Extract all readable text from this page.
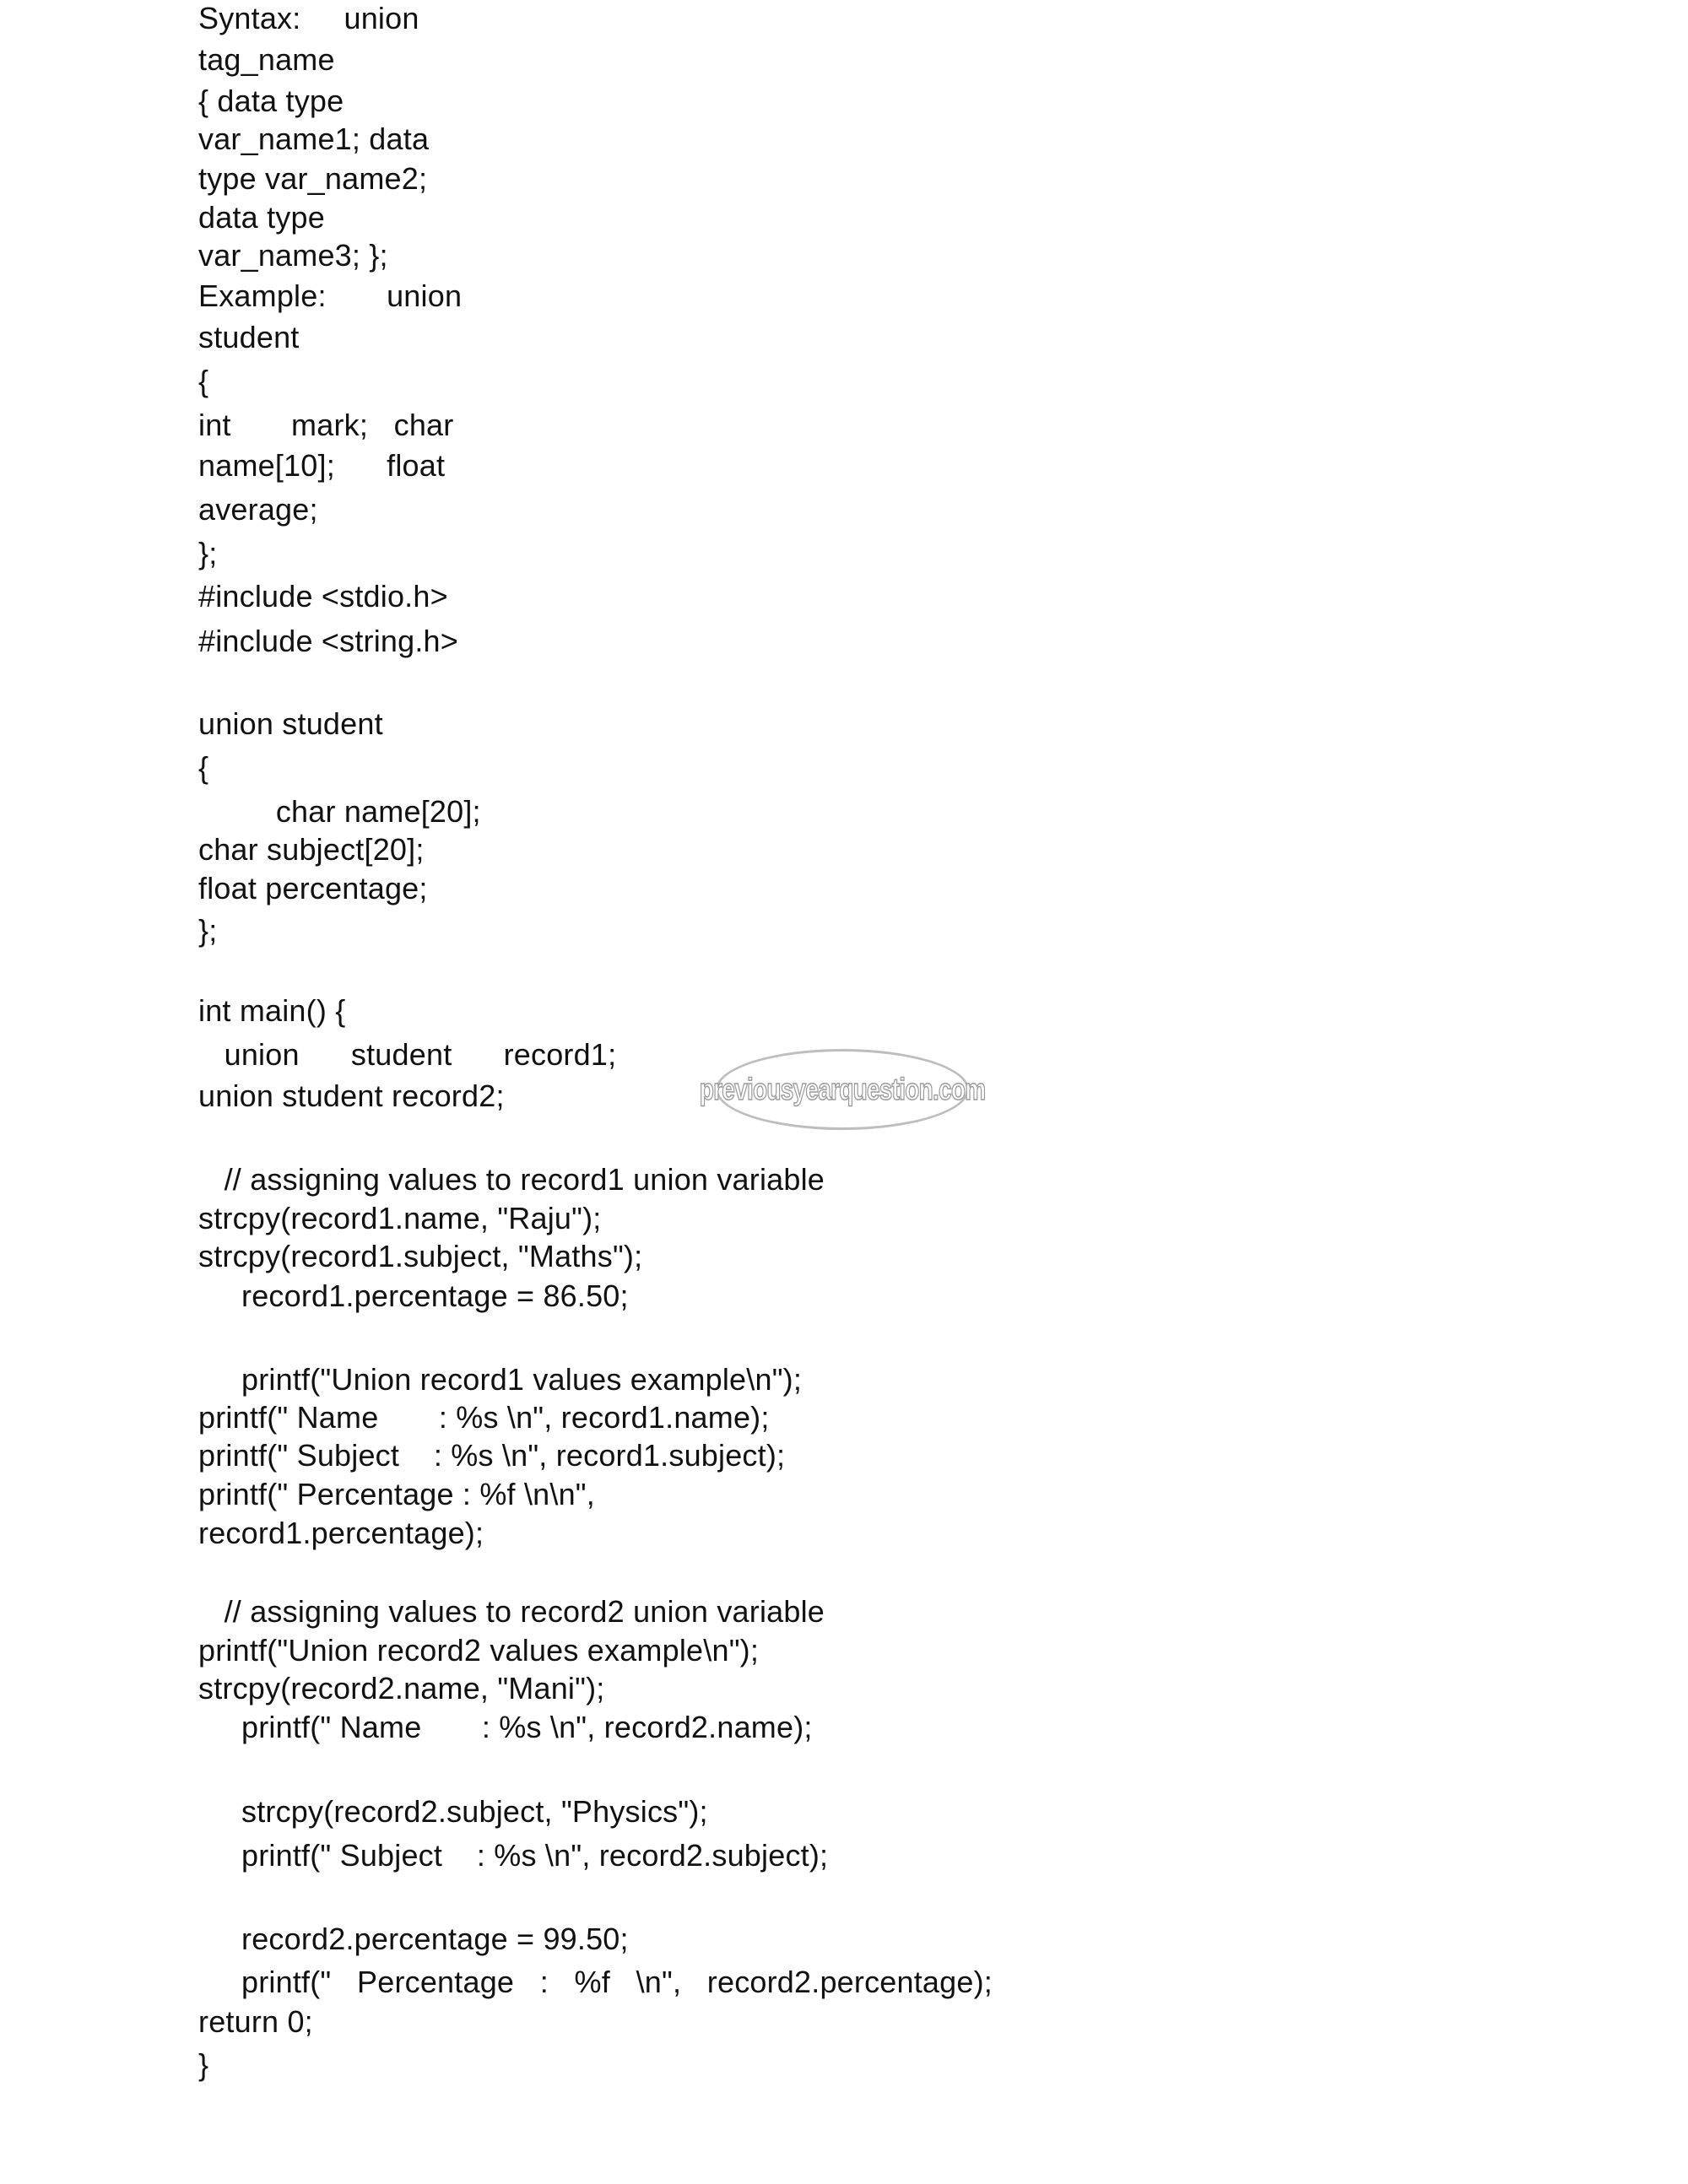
Syntax:     union
tag_name
{ data type
var_name1; data
type var_name2;
data type
var_name3; };
Example:       union
student
{
int       mark;   char
name[10];      float
average;
};
#include <stdio.h>
#include <string.h>
union student
{
char name[20];
char subject[20];
float percentage;
};
int main() {
union      student      record1;
union student record2;
// assigning values to record1 union variable
strcpy(record1.name, "Raju");
strcpy(record1.subject, "Maths");
record1.percentage = 86.50;
printf("Union record1 values example\n");
printf(" Name       : %s \n", record1.name);
printf(" Subject    : %s \n", record1.subject);
printf(" Percentage : %f \n\n",
record1.percentage);
// assigning values to record2 union variable
printf("Union record2 values example\n");
strcpy(record2.name, "Mani");
printf(" Name       : %s \n", record2.name);
strcpy(record2.subject, "Physics");
printf(" Subject    : %s \n", record2.subject);
record2.percentage = 99.50;
printf("   Percentage   :   %f   \n",   record2.percentage);
return 0;
}
previousyearquestion.com
